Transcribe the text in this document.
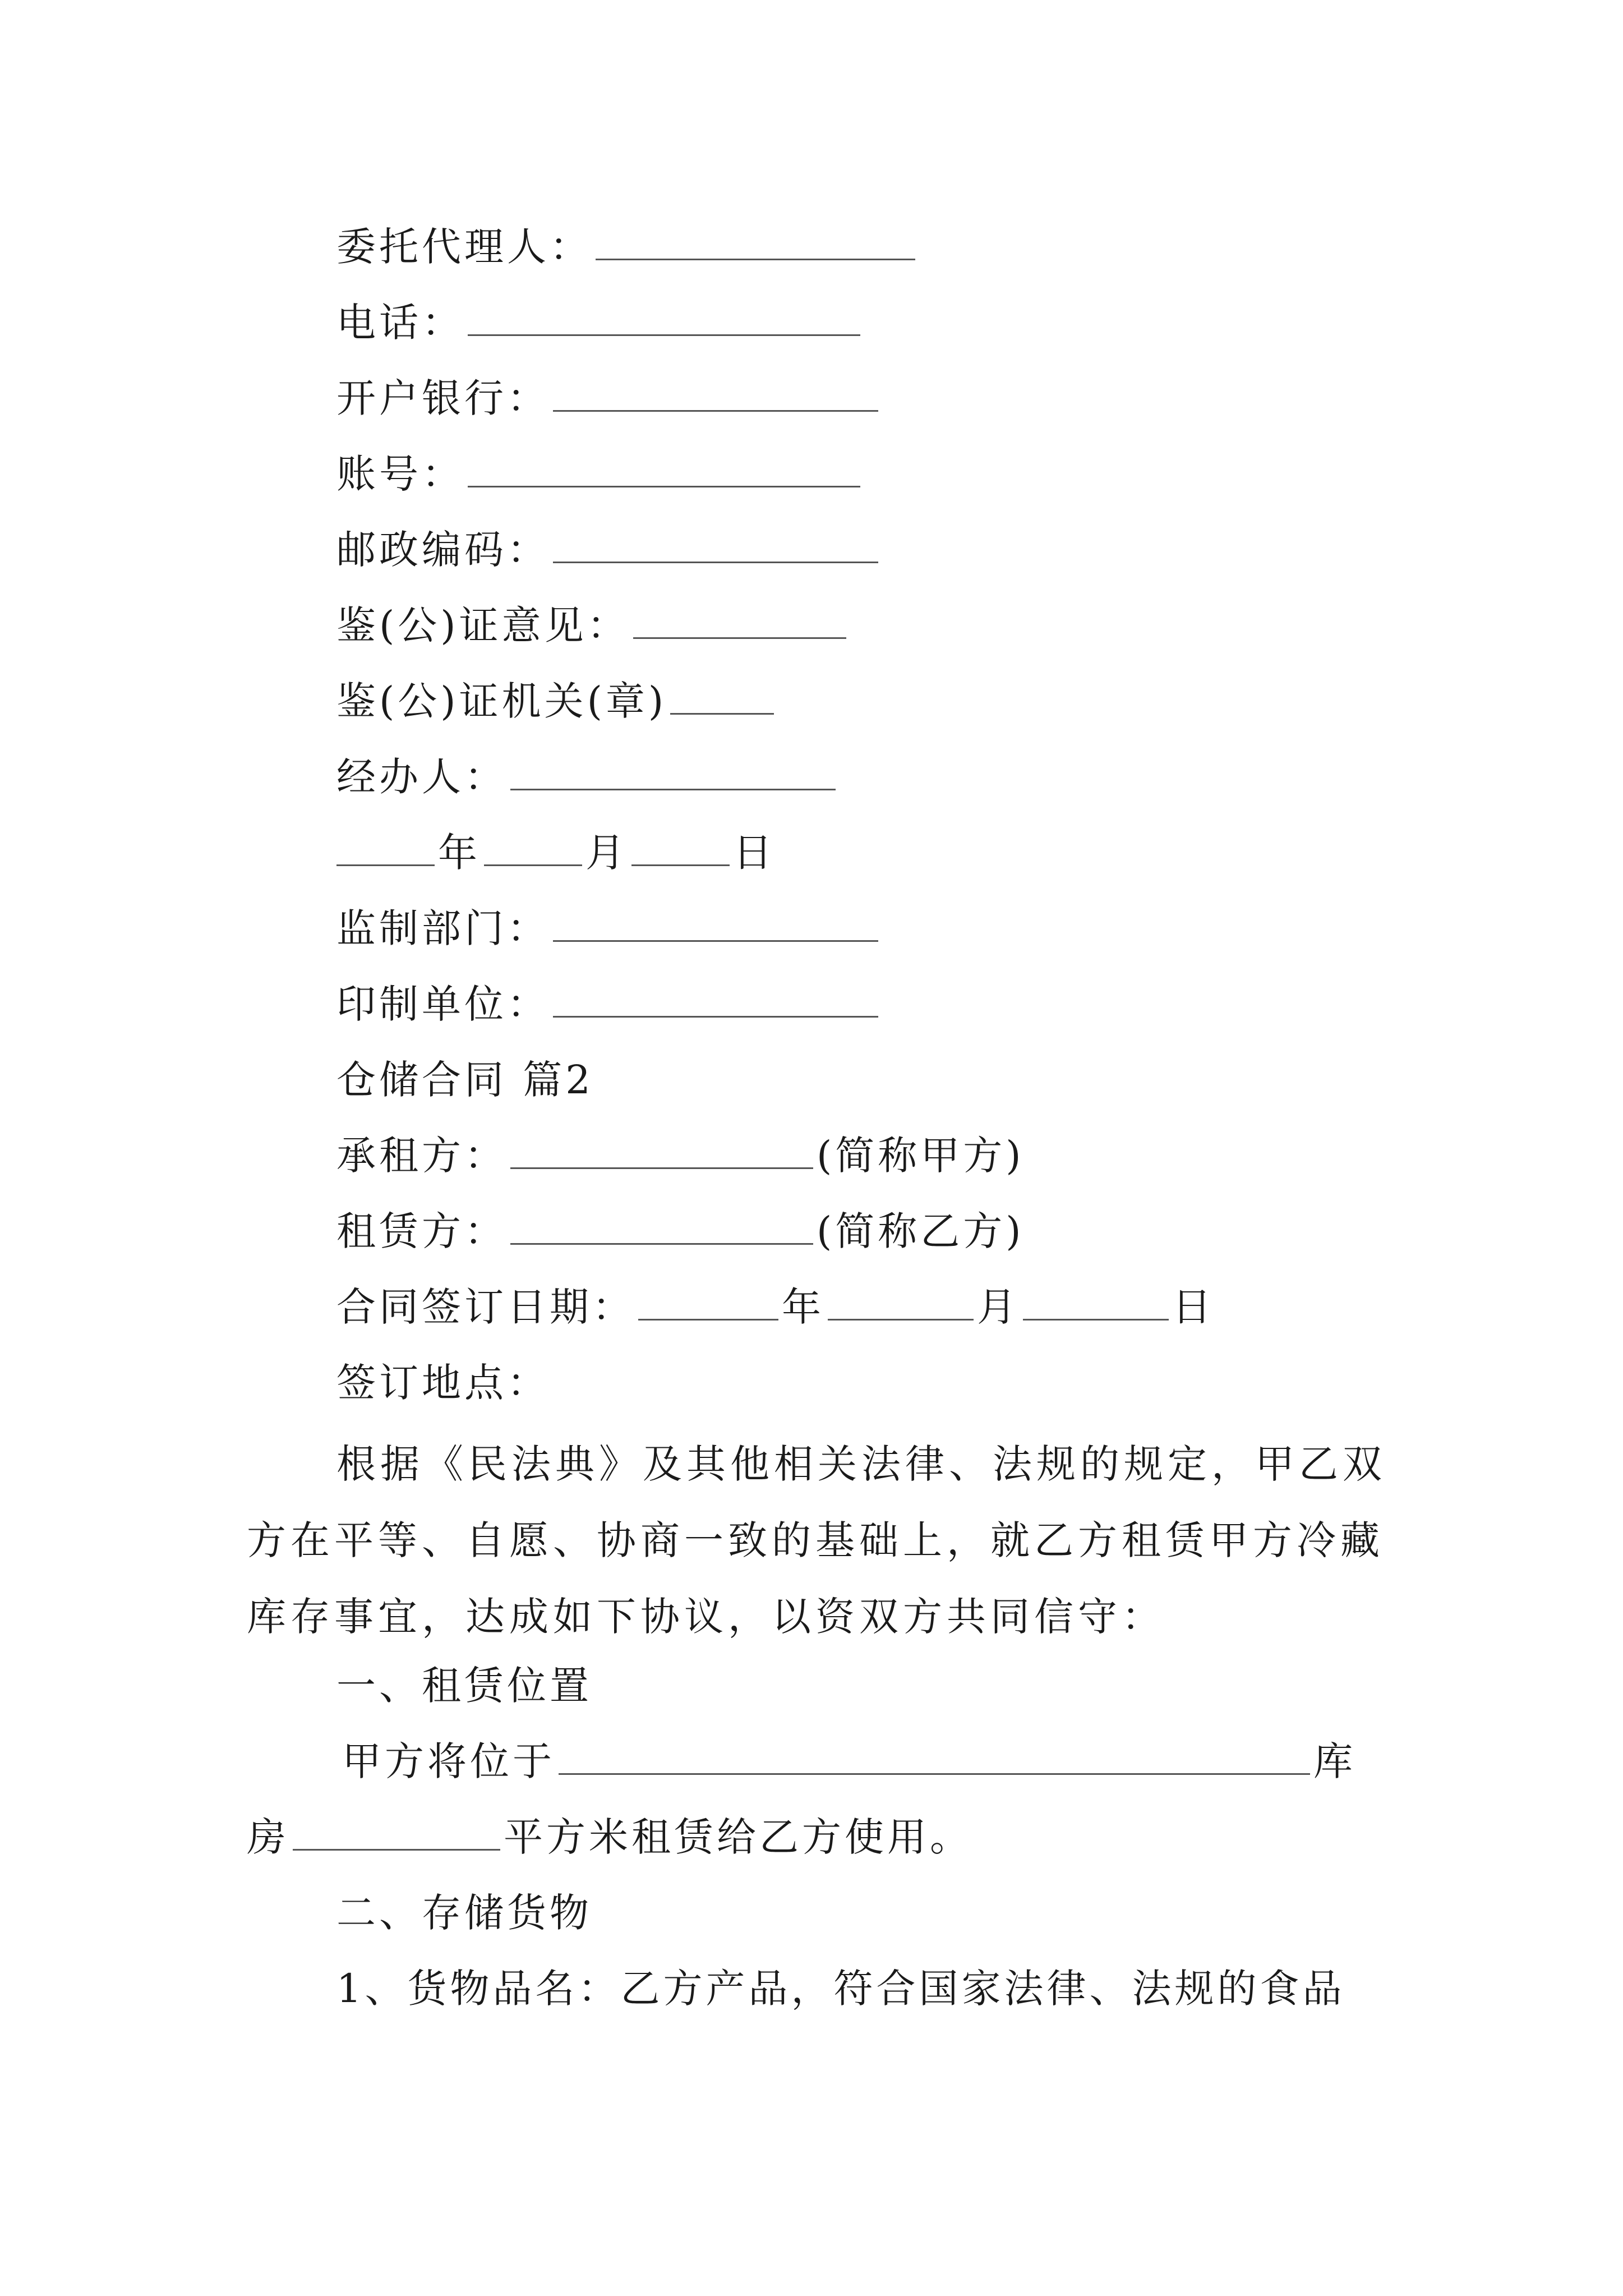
委托代理人：
电话：
开户银行：
账号：
邮政编码：
鉴(公)证意见：
鉴(公)证机关(章)
经办人：
年	月	日
监制部门：
印制单位：
仓储合同 篇2
承租方：	(简称甲方)
租赁方：	(简称乙方)
合同签订日期：	年	月	日
签订地点：
根据《民法典》及其他相关法律、法规的规定，甲乙双方在平等、自愿、协商一致的基础上，就乙方租赁甲方冷藏库存事宜，达成如下协议，以资双方共同信守：
一、租赁位置
甲方将位于	库
房	平方米租赁给乙方使用。
二、存储货物
1、货物品名：乙方产品，符合国家法律、法规的食品
